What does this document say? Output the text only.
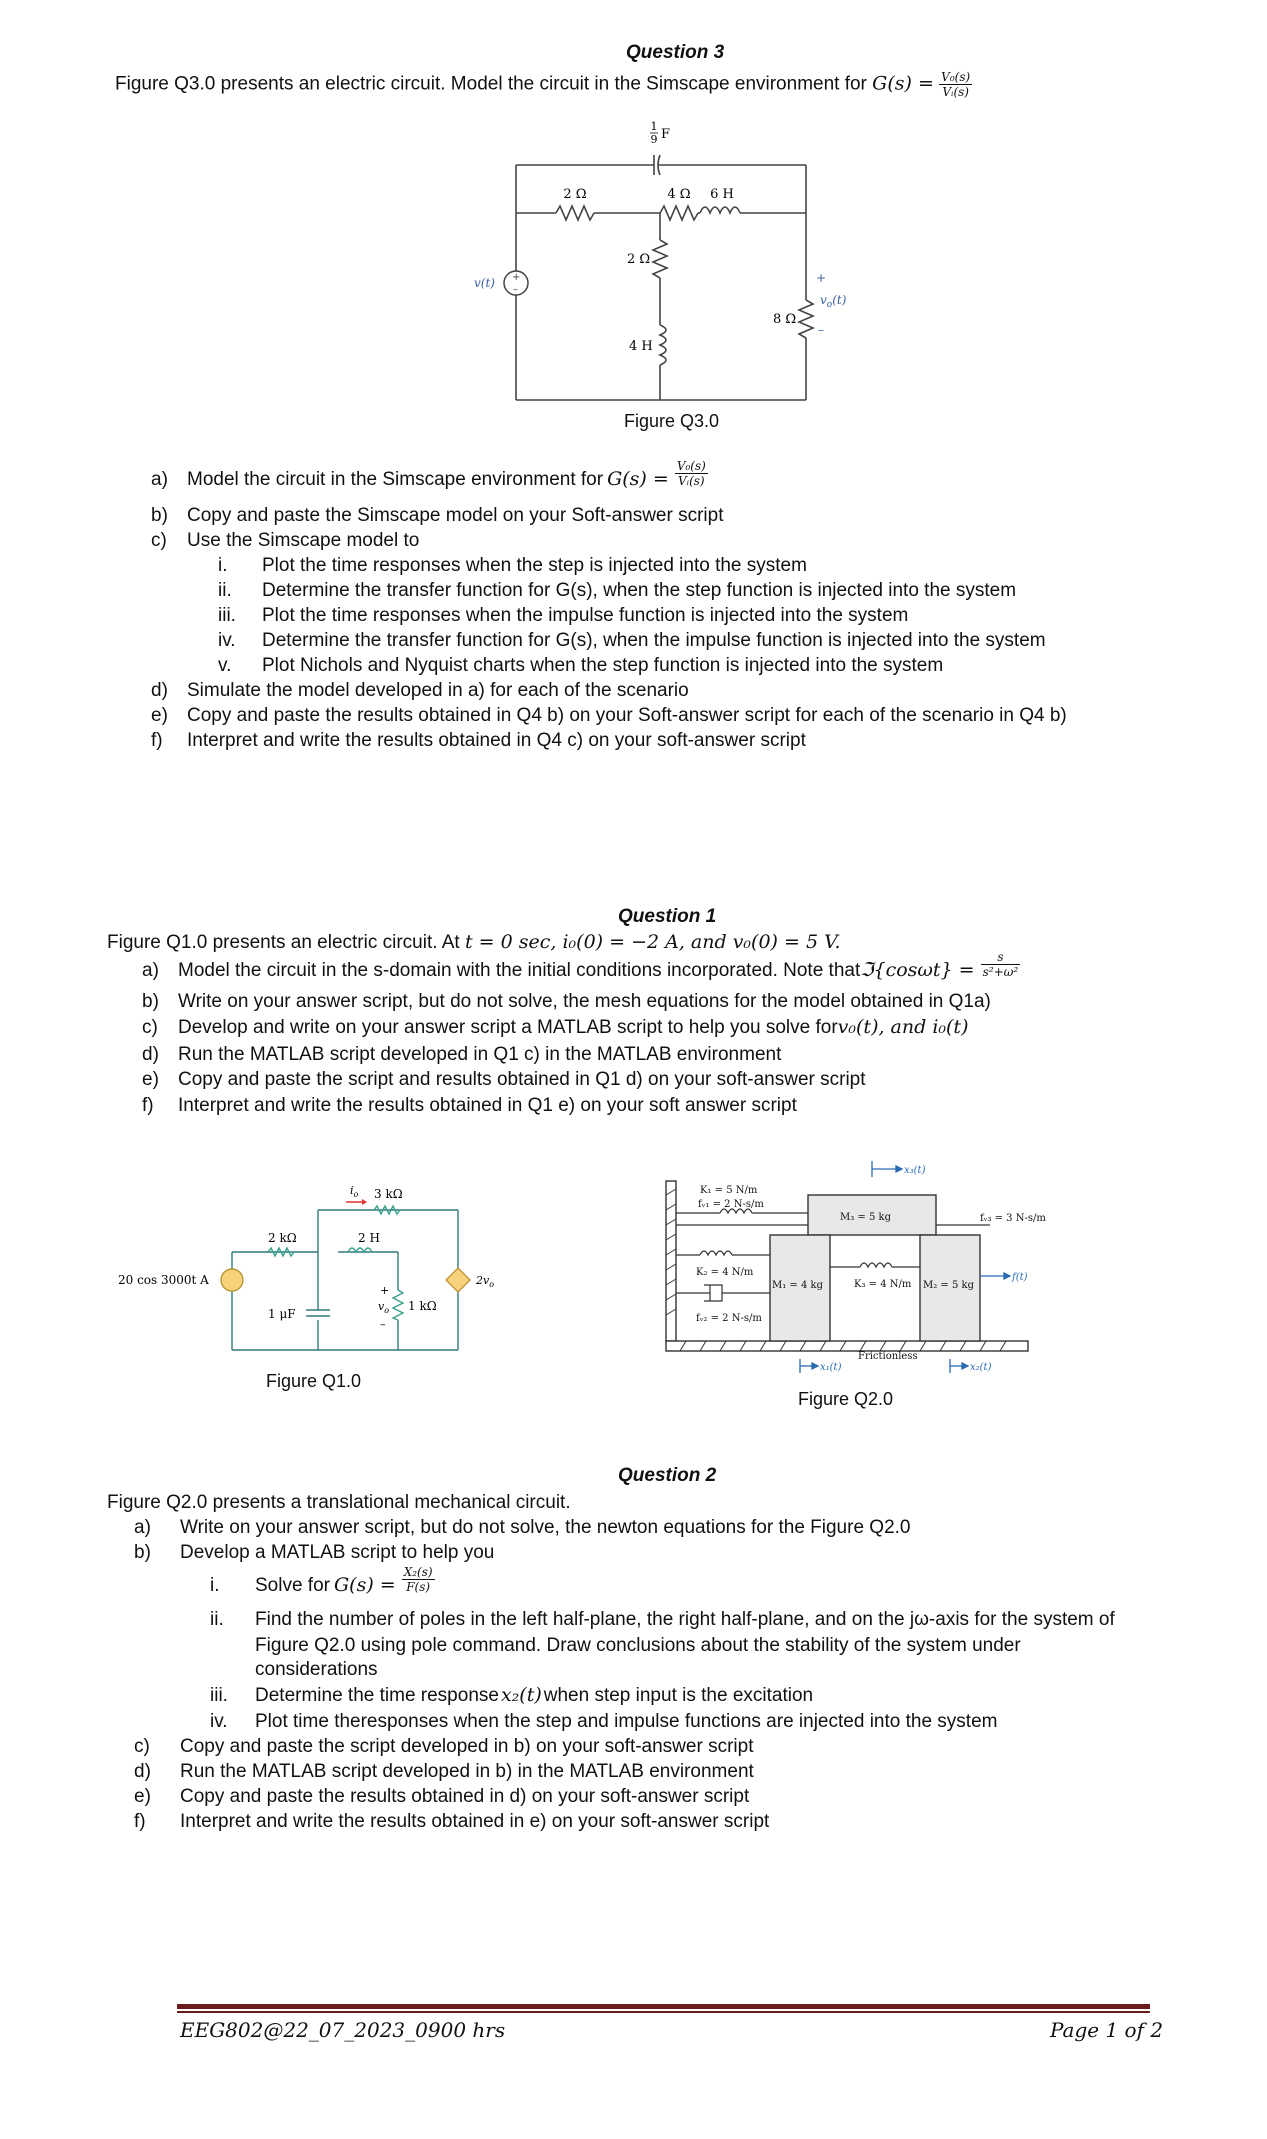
Question 3
Figure Q3.0 presents an electric circuit. Model the circuit in the Simscape environment for $G(s) = \frac{\text{V₀(s)}}{\text{Vᵢ(s)}}$
+
–
1
9 F
2 Ω	4 Ω 6 H
2 Ω
8 Ω
4 H
v(t)	+
$v_o(t)$
–
Figure Q3.0
a)	Model the circuit in the Simscape environment for $G(s) = \frac{\text{V₀(s)}}{\text{Vᵢ(s)}}$
b)	Copy and paste the Simscape model on your Soft-answer script
c)	Use the Simscape model to
i.	Plot the time responses when the step is injected into the system
ii.	Determine the transfer function for G(s), when the step function is injected into the system
iii.	Plot the time responses when the impulse function is injected into the system
iv.	Determine the transfer function for G(s), when the impulse function is injected into the system
v.	Plot Nichols and Nyquist charts when the step function is injected into the system
d)	Simulate the model developed in a) for each of the scenario
e)	Copy and paste the results obtained in Q4 b) on your Soft-answer script for each of the scenario in Q4 b)
f)	Interpret and write the results obtained in Q4 c) on your soft-answer script
Question 1
Figure Q1.0 presents an electric circuit. At t = 0 sec, i₀(0) = −2 A, and v₀(0) = 5 V.
a)	Model the circuit in the s-domain with the initial conditions incorporated. Note that ℑ{cosωt} = $\frac{s}{\text{s²+ω²}}$
b)	Write on your answer script, but do not solve, the mesh equations for the model obtained in Q1a)
c)	Develop and write on your answer script a MATLAB script to help you solve for v₀(t), and i₀(t)
d)	Run the MATLAB script developed in Q1 c) in the MATLAB environment
e)	Copy and paste the script and results obtained in Q1 d) on your soft-answer script
f)	Interpret and write the results obtained in Q1 e) on your soft answer script
20 cos 3000t A
2 kΩ	2 H
3 kΩ
1 μF
1 kΩ
$2v_o$
$i_o$
+
$v_o$
–
Figure Q1.0
K₁ = 5 N/m
fᵥ₁ = 2 N-s/m
K₂ = 4 N/m
fᵥ₂ = 2 N-s/m
M₃ = 5 kg	fᵥ₃ = 3 N-s/m
M₁ = 4 kg	K₃ = 4 N/m M₂ = 5 kg
Frictionless
x₃(t)
f(t)
x₁(t)	x₂(t)
Figure Q2.0
Question 2
Figure Q2.0 presents a translational mechanical circuit.
a)	Write on your answer script, but do not solve, the newton equations for the Figure Q2.0
b)	Develop a MATLAB script to help you
i.	Solve for $G(s) = \frac{\text{X₂(s)}}{F(s)}$
ii.	Find the number of poles in the left half-plane, the right half-plane, and on the jω-axis for the system of
Figure Q2.0 using pole command. Draw conclusions about the stability of the system under
considerations
iii.	Determine the time response x₂(t) when step input is the excitation
iv.	Plot time theresponses when the step and impulse functions are injected into the system
c)	Copy and paste the script developed in b) on your soft-answer script
d)	Run the MATLAB script developed in b) in the MATLAB environment
e)	Copy and paste the results obtained in d) on your soft-answer script
f)	Interpret and write the results obtained in e) on your soft-answer script
EEG802@22_07_2023_0900 hrs	Page 1 of 2
